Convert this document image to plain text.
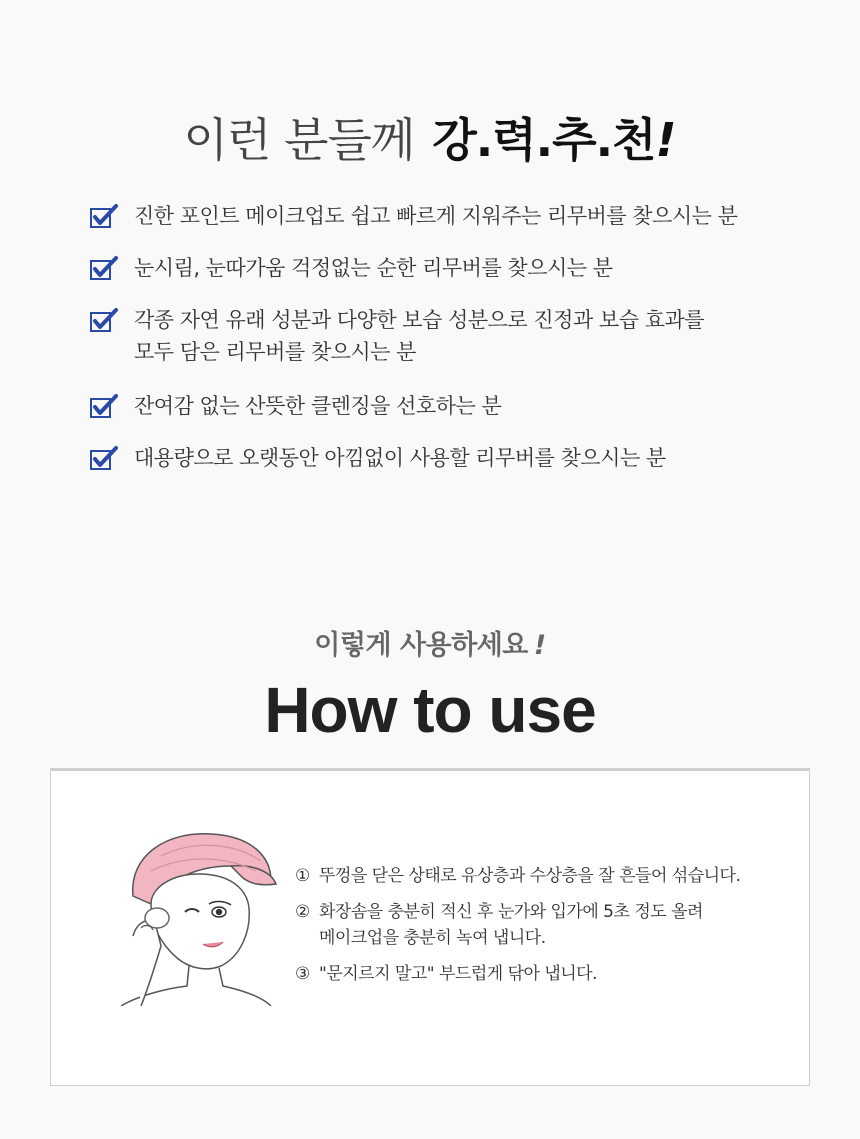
이런 분들께 강.력.추.천!
진한 포인트 메이크업도 쉽고 빠르게 지워주는 리무버를 찾으시는 분
눈시림, 눈따가움 걱정없는 순한 리무버를 찾으시는 분
각종 자연 유래 성분과 다양한 보습 성분으로 진정과 보습 효과를
모두 담은 리무버를 찾으시는 분
잔여감 없는 산뜻한 클렌징을 선호하는 분
대용량으로 오랫동안 아낌없이 사용할 리무버를 찾으시는 분
이렇게 사용하세요 !
How to use
① 뚜껑을 닫은 상태로 유상층과 수상층을 잘 흔들어 섞습니다.
② 화장솜을 충분히 적신 후 눈가와 입가에 5초 정도 올려
메이크업을 충분히 녹여 냅니다.
③ "문지르지 말고" 부드럽게 닦아 냅니다.
